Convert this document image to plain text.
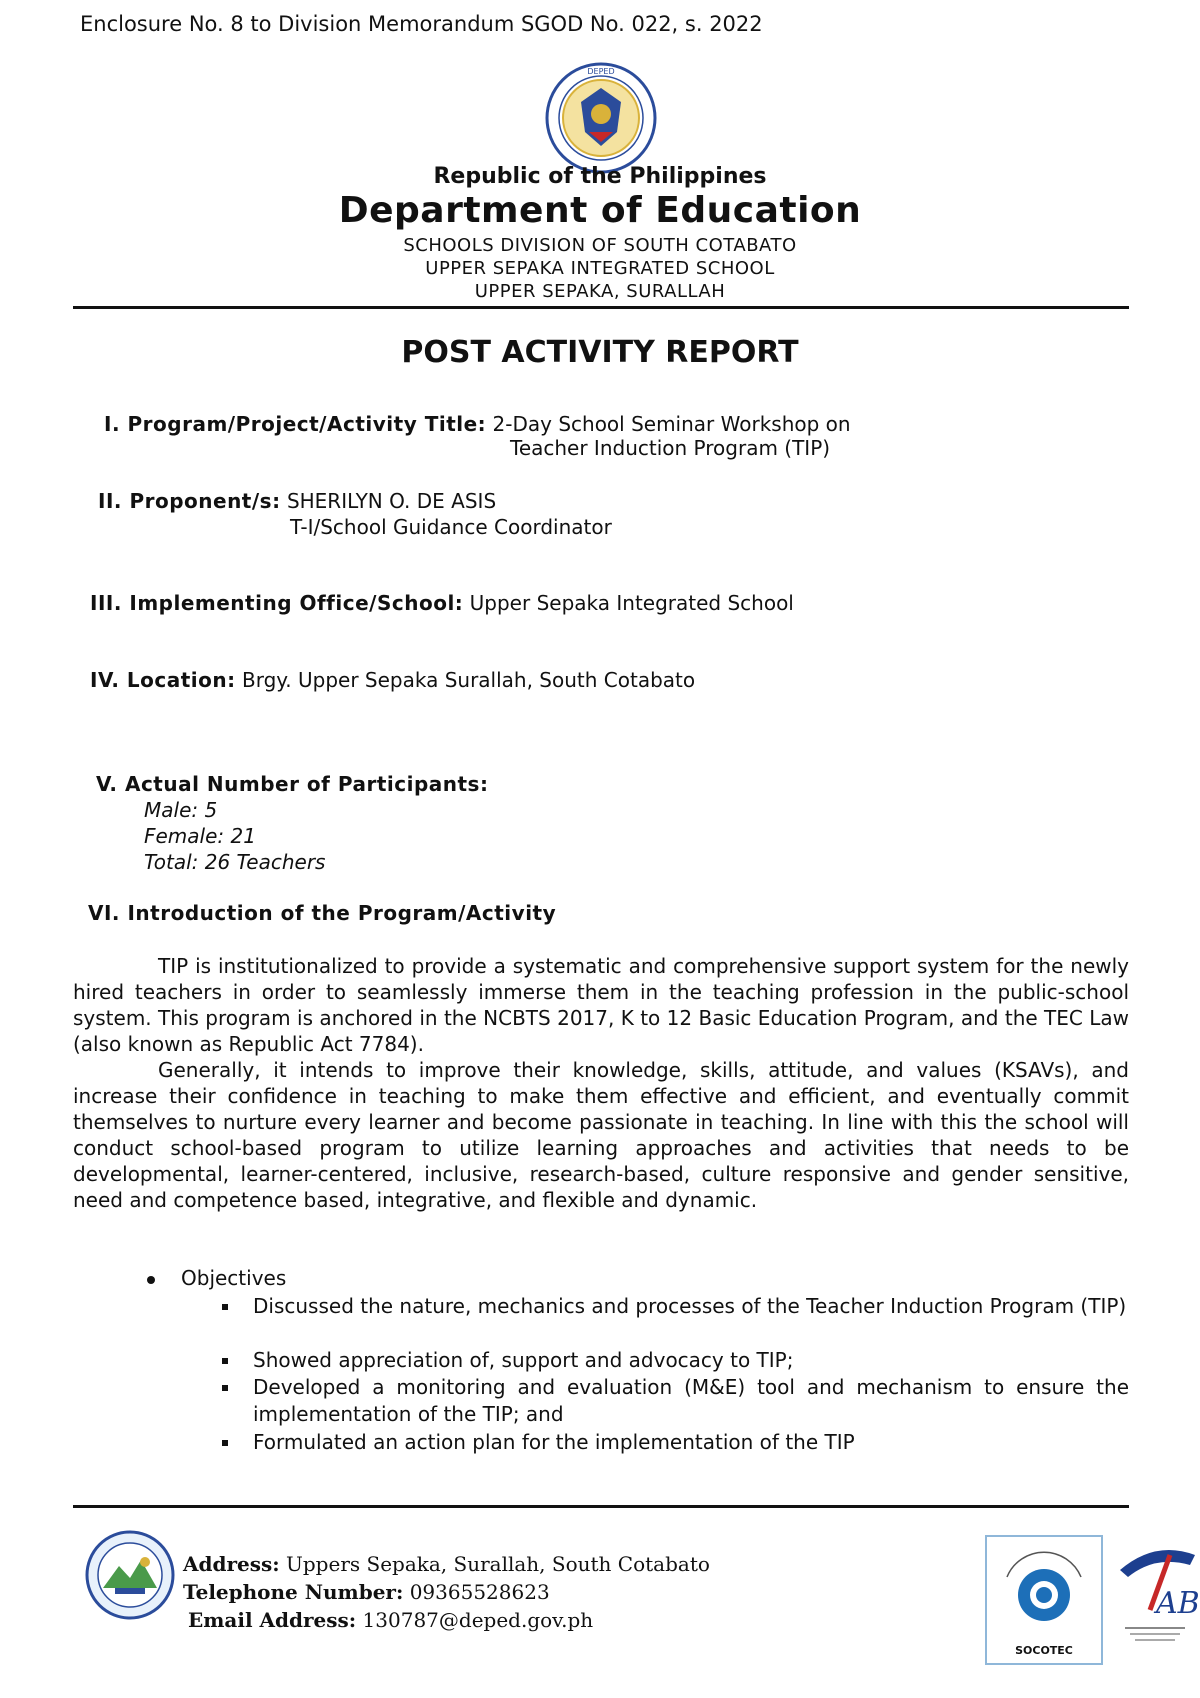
Enclosure No. 8 to Division Memorandum SGOD No. 022, s. 2022
DEPED
Republic of the Philippines
Department of Education
SCHOOLS DIVISION OF SOUTH COTABATO
UPPER SEPAKA INTEGRATED SCHOOL
UPPER SEPAKA, SURALLAH
POST ACTIVITY REPORT
I. Program/Project/Activity Title: 2-Day School Seminar Workshop on
Teacher Induction Program (TIP)
II. Proponent/s: SHERILYN O. DE ASIS
T-I/School Guidance Coordinator
III. Implementing Office/School: Upper Sepaka Integrated School
IV. Location: Brgy. Upper Sepaka Surallah, South Cotabato
V. Actual Number of Participants:
Male: 5
Female: 21
Total: 26 Teachers
VI. Introduction of the Program/Activity

TIP is institutionalized to provide a systematic and comprehensive support system for the newly hired teachers in order to seamlessly immerse them in the teaching profession in the public-school system. This program is anchored in the NCBTS 2017, K to 12 Basic Education Program, and the TEC Law (also known as Republic Act 7784).

Generally, it intends to improve their knowledge, skills, attitude, and values (KSAVs), and increase their confidence in teaching to make them effective and efficient, and eventually commit themselves to nurture every learner and become passionate in teaching. In line with this the school will conduct school-based program to utilize learning approaches and activities that needs to be developmental, learner-centered, inclusive, research-based, culture responsive and gender sensitive, need and competence based, integrative, and flexible and dynamic.

Objectives
Discussed the nature, mechanics and processes of the Teacher Induction Program (TIP)
Showed appreciation of, support and advocacy to TIP;
Developed a monitoring and evaluation (M&E) tool and mechanism to ensure the implementation of the TIP; and
Formulated an action plan for the implementation of the TIP
Address: Uppers Sepaka, Surallah, South Cotabato
Telephone Number: 09365528623
Email Address: 130787@deped.gov.ph
SOCOTEC
AB
